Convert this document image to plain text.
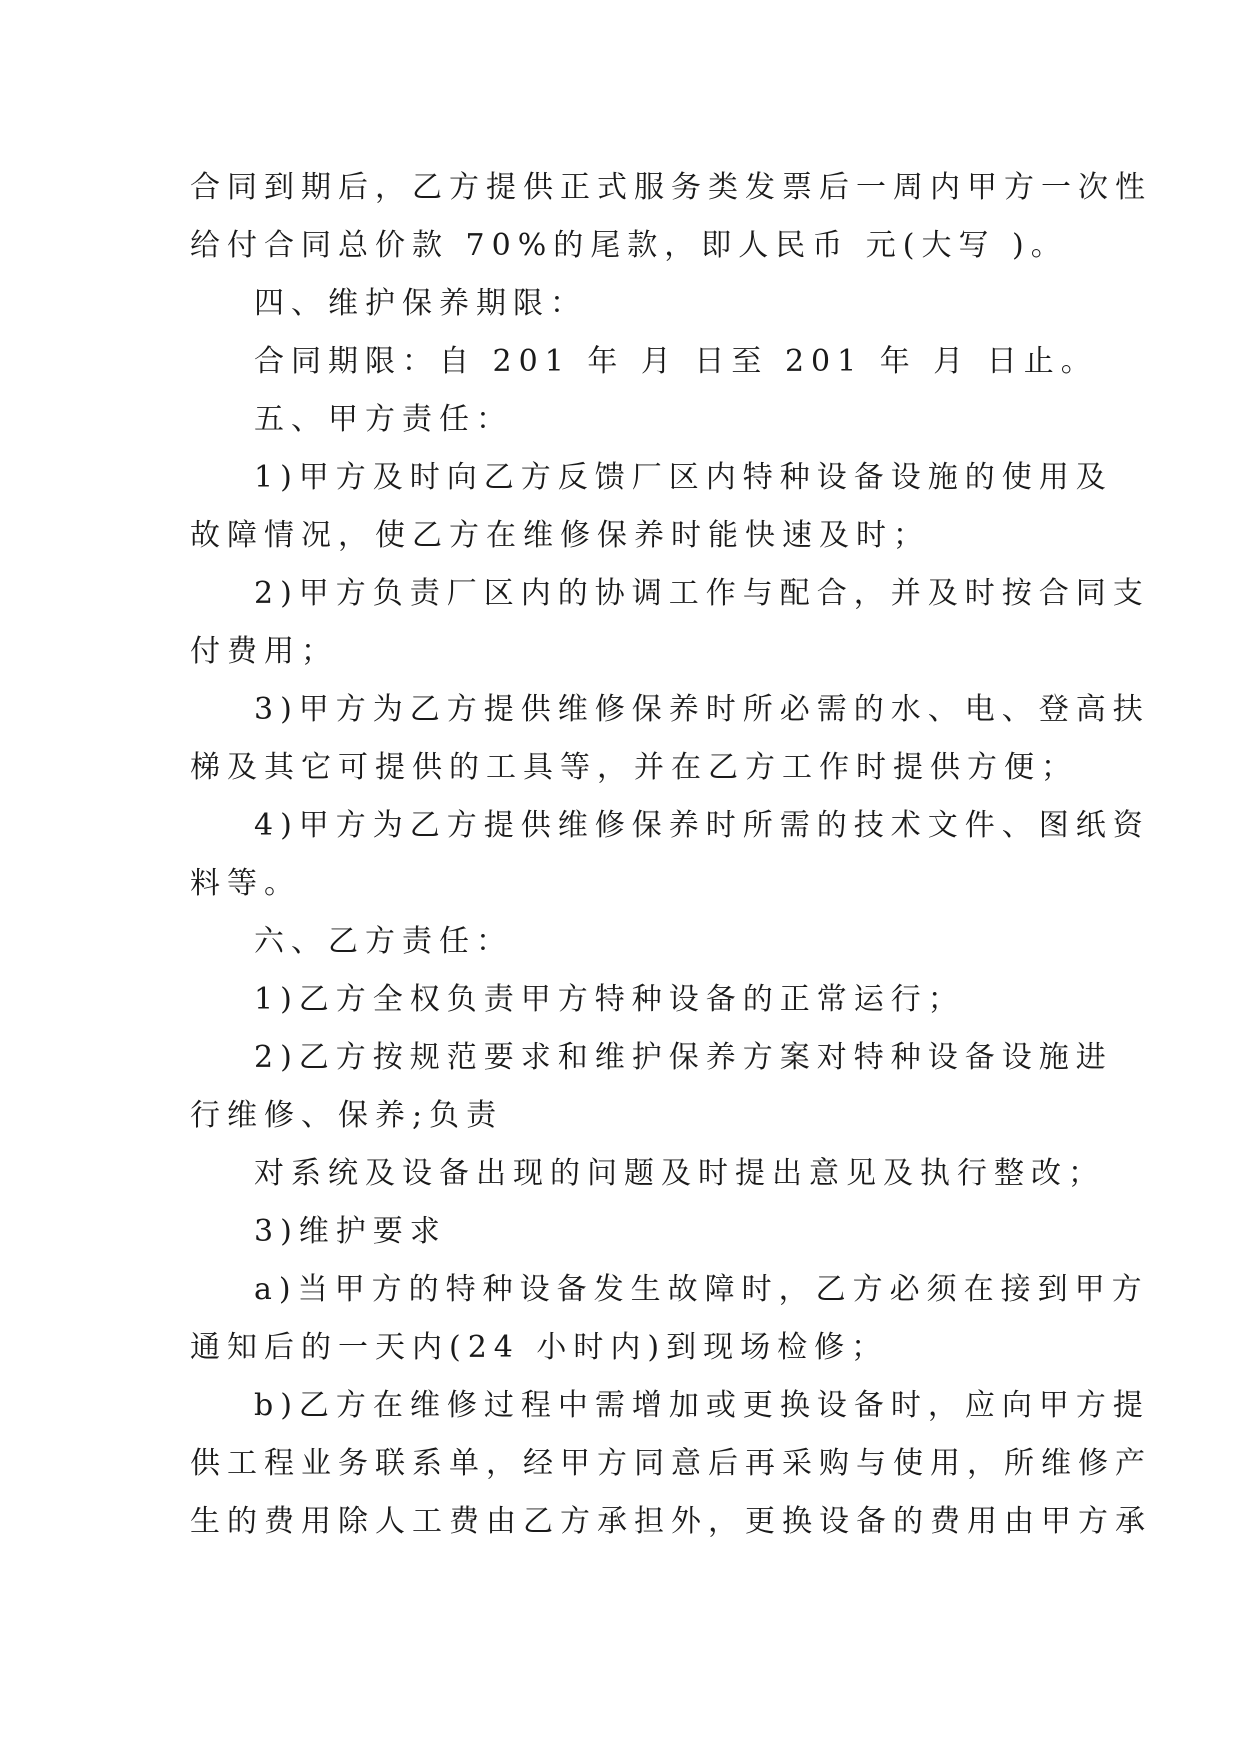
合同到期后，乙方提供正式服务类发票后一周内甲方一次性
给付合同总价款 70%的尾款，即人民币 元(大写 )。
四、维护保养期限：
合同期限：自 201 年 月 日至 201 年 月 日止。
五、甲方责任：
1)甲方及时向乙方反馈厂区内特种设备设施的使用及
故障情况，使乙方在维修保养时能快速及时；
2)甲方负责厂区内的协调工作与配合，并及时按合同支
付费用；
3)甲方为乙方提供维修保养时所必需的水、电、登高扶
梯及其它可提供的工具等，并在乙方工作时提供方便；
4)甲方为乙方提供维修保养时所需的技术文件、图纸资
料等。
六、乙方责任：
1)乙方全权负责甲方特种设备的正常运行；
2)乙方按规范要求和维护保养方案对特种设备设施进
行维修、保养;负责
对系统及设备出现的问题及时提出意见及执行整改；
3)维护要求
a)当甲方的特种设备发生故障时，乙方必须在接到甲方
通知后的一天内(24 小时内)到现场检修；
b)乙方在维修过程中需增加或更换设备时，应向甲方提
供工程业务联系单，经甲方同意后再采购与使用，所维修产
生的费用除人工费由乙方承担外，更换设备的费用由甲方承
